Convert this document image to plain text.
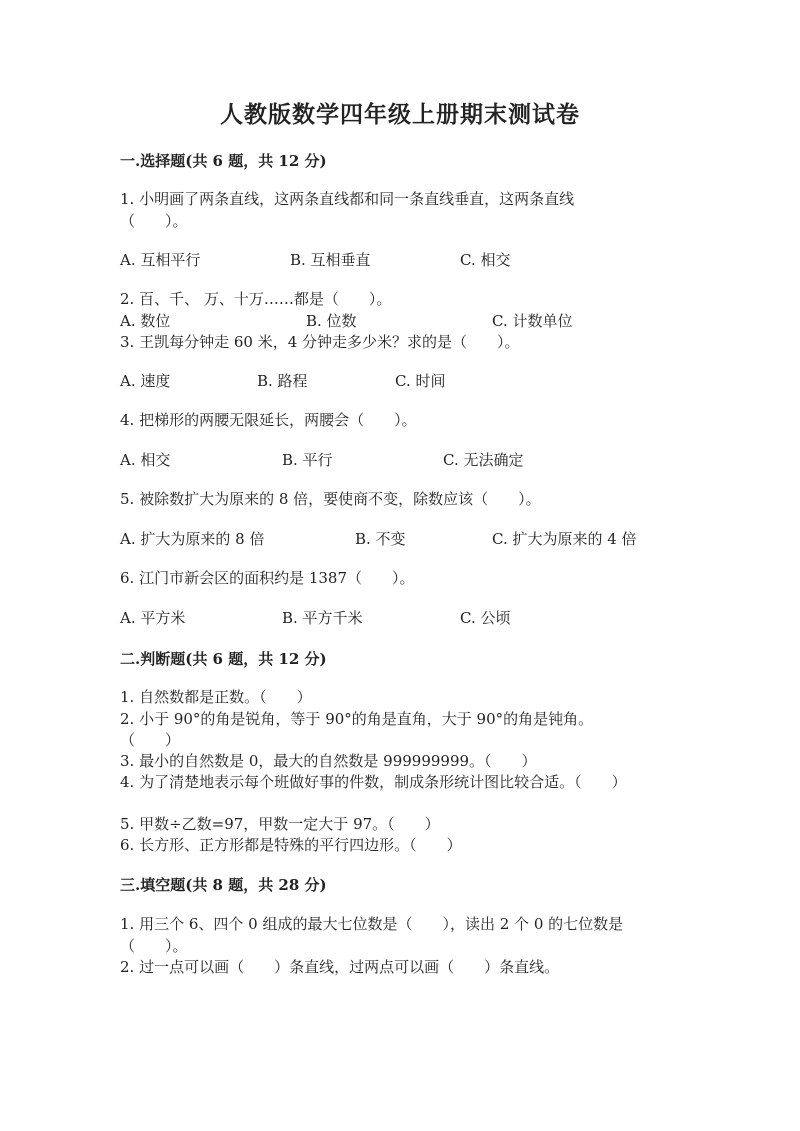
人教版数学四年级上册期末测试卷
一.选择题(共 6 题，共 12 分)
1. 小明画了两条直线，这两条直线都和同一条直线垂直，这两条直线
（　　）。
A. 互相平行	B. 互相垂直	C. 相交
2. 百、千、 万、十万……都是（　　）。
A. 数位	B. 位数	C. 计数单位
3. 王凯每分钟走 60 米，4 分钟走多少米？求的是（　　）。
A. 速度	B. 路程	C. 时间
4. 把梯形的两腰无限延长，两腰会（　　）。
A. 相交	B. 平行	C. 无法确定
5. 被除数扩大为原来的 8 倍，要使商不变，除数应该（　　）。
A. 扩大为原来的 8 倍	B. 不变	C. 扩大为原来的 4 倍
6. 江门市新会区的面积约是 1387（　　）。
A. 平方米	B. 平方千米	C. 公顷
二.判断题(共 6 题，共 12 分)
1. 自然数都是正数。（　　）
2. 小于 90°的角是锐角，等于 90°的角是直角，大于 90°的角是钝角。
（　　）
3. 最小的自然数是 0，最大的自然数是 999999999。（　　）
4. 为了清楚地表示每个班做好事的件数，制成条形统计图比较合适。（　　）
5. 甲数÷乙数=97，甲数一定大于 97。（　　）
6. 长方形、正方形都是特殊的平行四边形。（　　）
三.填空题(共 8 题，共 28 分)
1. 用三个 6、四个 0 组成的最大七位数是（　　），读出 2 个 0 的七位数是
（　　）。
2. 过一点可以画（　　）条直线，过两点可以画（　　）条直线。
